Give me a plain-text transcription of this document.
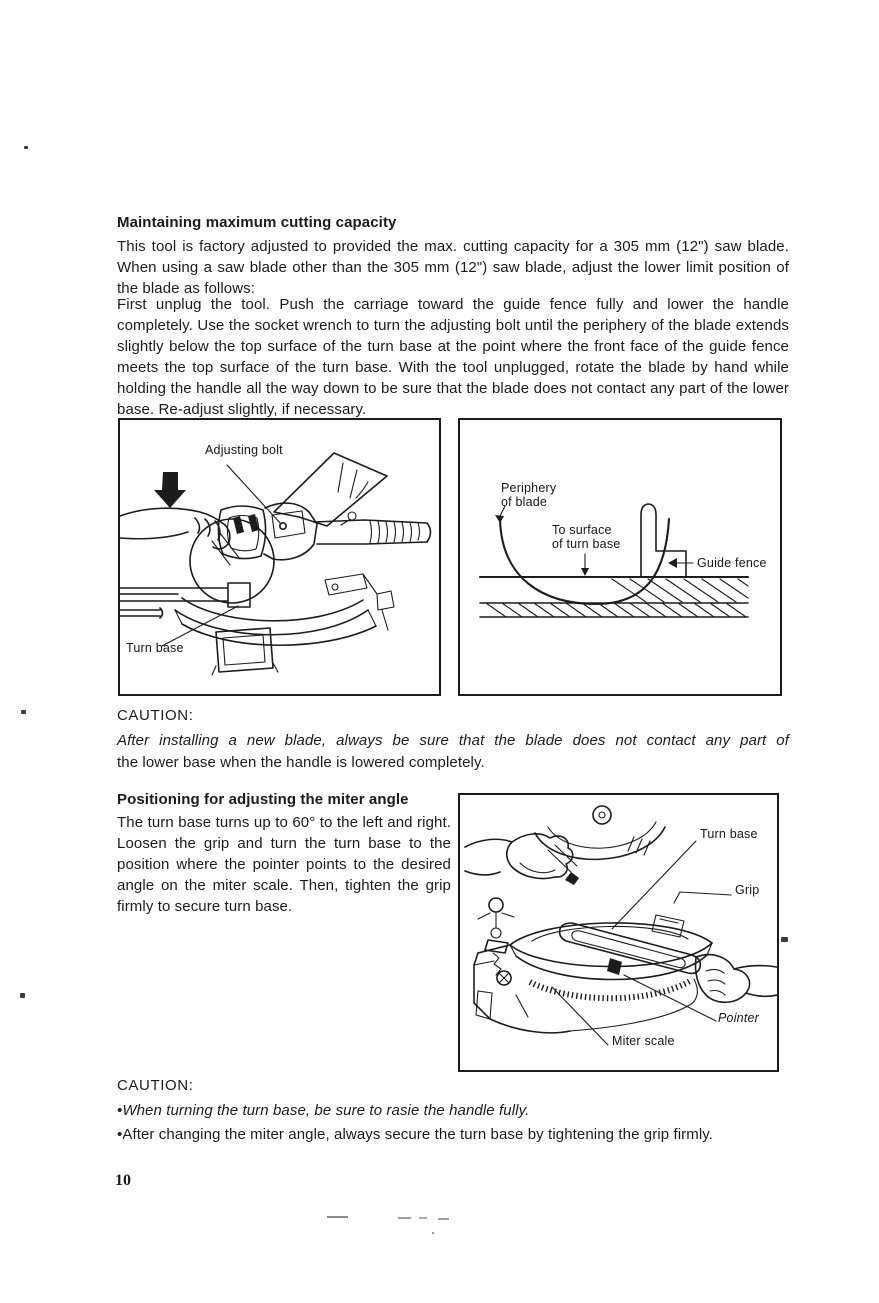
Maintaining maximum cutting capacity
This tool is factory adjusted to provided the max. cutting capacity for a 305 mm (12") saw blade. When using a saw blade other than the 305 mm (12") saw blade, adjust the lower limit position of the blade as follows:
First unplug the tool. Push the carriage toward the guide fence fully and lower the handle completely. Use the socket wrench to turn the adjusting bolt until the periphery of the blade extends slightly below the top surface of the turn base at the point where the front face of the guide fence meets the top surface of the turn base. With the tool unplugged, rotate the blade by hand while holding the handle all the way down to be sure that the blade does not contact any part of the lower base. Re-adjust slightly, if necessary.
Adjusting bolt
Turn base
Periphery
of blade
To surface
of turn base
Guide fence
CAUTION:
After installing a new blade, always be sure that the blade does not contact any part of
the lower base when the handle is lowered completely.
Positioning for adjusting the miter angle
The turn base turns up to 60° to the left and right. Loosen the grip and turn the turn base to the position where the pointer points to the desired angle on the miter scale. Then, tighten the grip firmly to secure turn base.
Turn base
Grip
Pointer
Miter scale
CAUTION:
•When turning the turn base, be sure to rasie the handle fully.
•After changing the miter angle, always secure the turn base by tightening the grip firmly.
10
